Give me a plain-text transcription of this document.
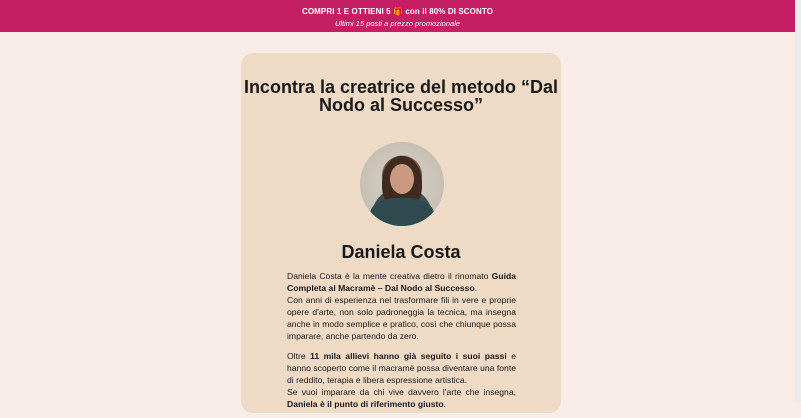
COMPRI 1 E OTTIENI 5 🎁 con il 80% DI SCONTO
Ultimi 15 posti a prezzo promozionale
Incontra la creatrice del metodo “Dal Nodo al Successo”
Daniela Costa

Daniela Costa è la mente creativa dietro il rinomato Guida Completa al Macramè – Dal Nodo al Successo.
Con anni di esperienza nel trasformare fili in vere e proprie opere d'arte, non solo padroneggia la tecnica, ma insegna anche in modo semplice e pratico, così che chiunque possa imparare, anche partendo da zero.

Oltre 11 mila allievi hanno già seguito i suoi passi e hanno scoperto come il macramè possa diventare una fonte di reddito, terapia e libera espressione artistica.
Se vuoi imparare da chi vive davvero l'arte che insegna, Daniela è il punto di riferimento giusto.
